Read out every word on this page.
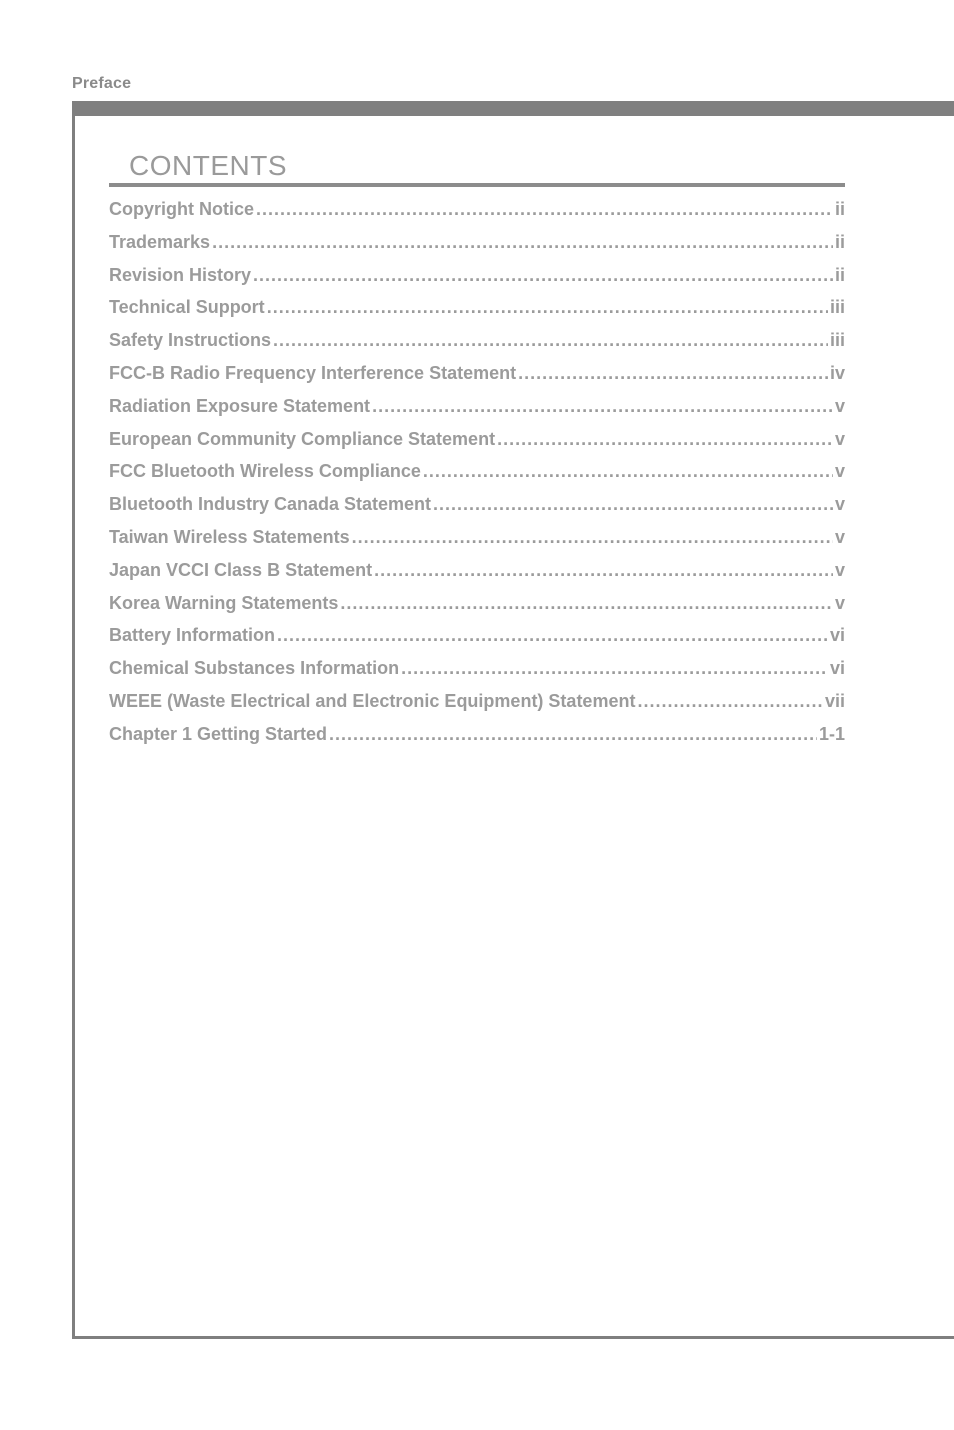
Preface
CONTENTS
Copyright Notice .....	ii
Trademarks .....	ii
Revision History .....	ii
Technical Support .....	iii
Safety Instructions .....	iii
FCC-B Radio Frequency Interference Statement .....	iv
Radiation Exposure Statement .....	v
European Community Compliance Statement .....	v
FCC Bluetooth Wireless Compliance .....	v
Bluetooth Industry Canada Statement .....	v
Taiwan Wireless Statements .....	v
Japan VCCI Class B Statement .....	v
Korea Warning Statements .....	v
Battery Information .....	vi
Chemical Substances Information .....	vi
WEEE (Waste Electrical and Electronic Equipment) Statement .....	vii
Chapter 1 Getting Started .....	1-1
